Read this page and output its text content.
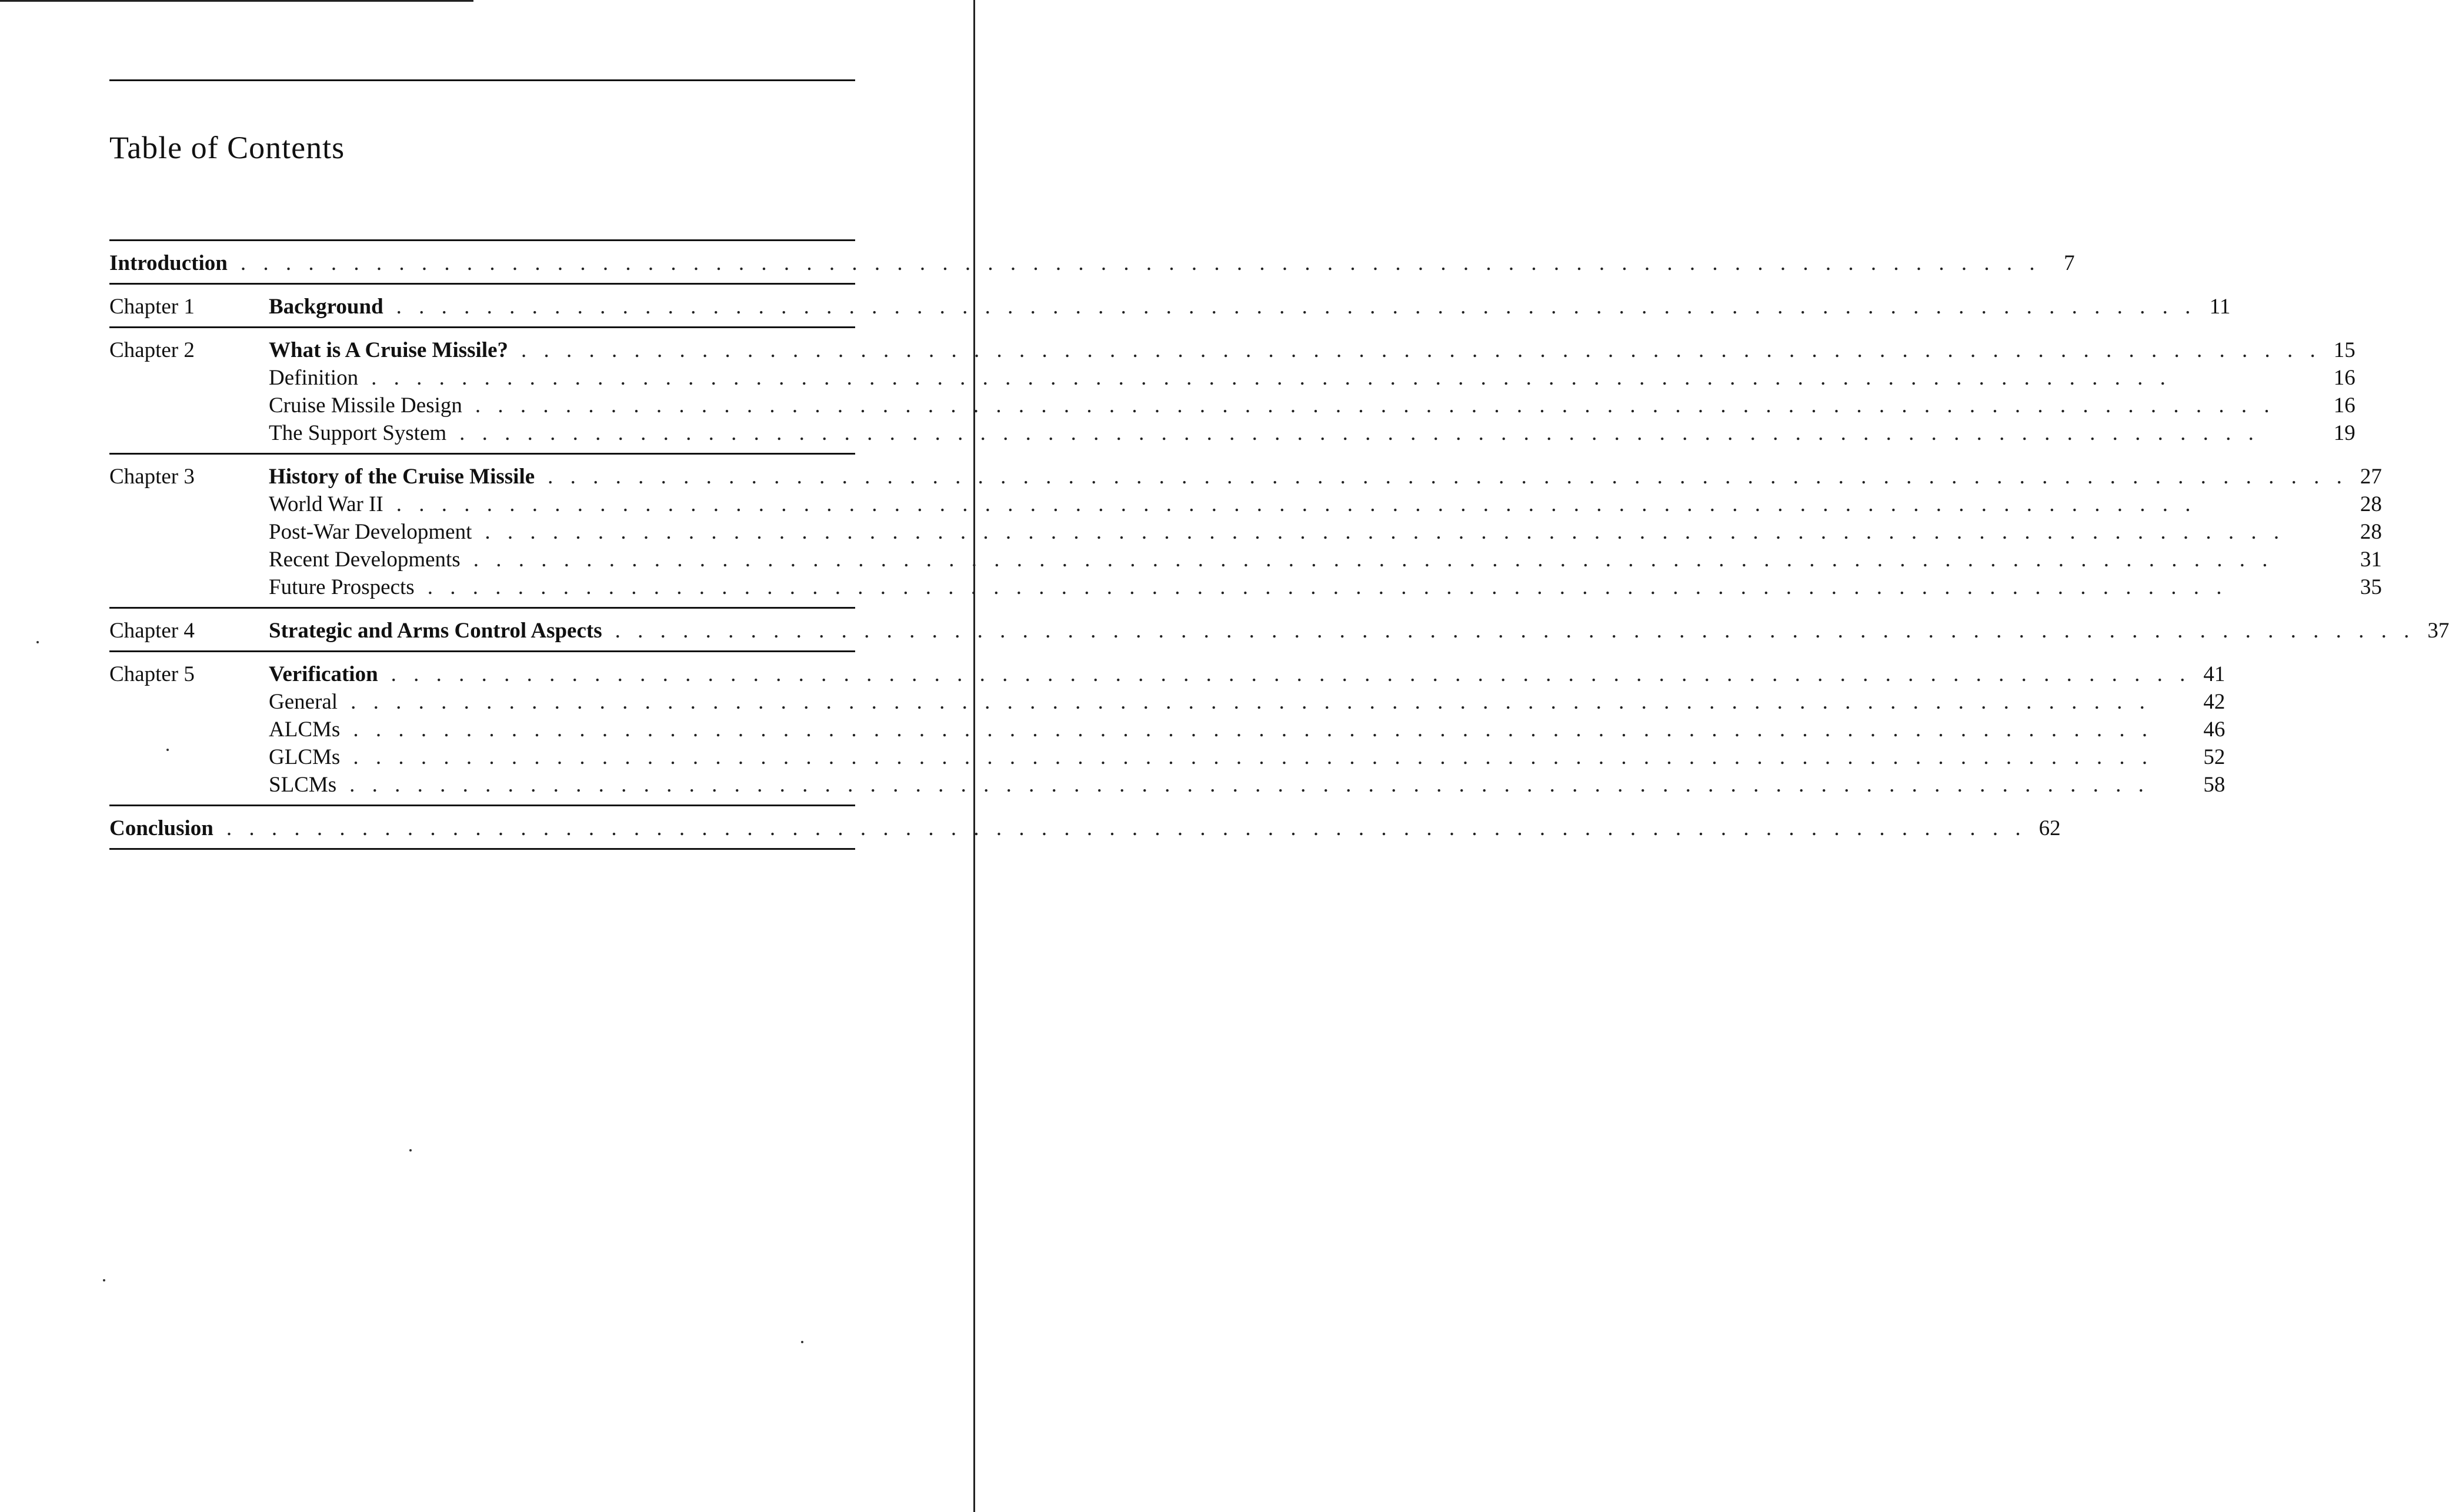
Table of Contents
Introduction . . .	7
Chapter 1	Background . . .	11
Chapter 2	What is A Cruise Missile? . . .	15
Definition . . .	16
Cruise Missile Design . . .	16
The Support System . . .	19
Chapter 3	History of the Cruise Missile . . .	27
World War II . . .	28
Post-War Development . . .	28
Recent Developments . . .	31
Future Prospects . . .	35
Chapter 4	Strategic and Arms Control Aspects . . .	37
Chapter 5	Verification . . .	41
General . . .	42
ALCMs . . .	46
GLCMs . . .	52
SLCMs . . .	58
Conclusion . . .	62
